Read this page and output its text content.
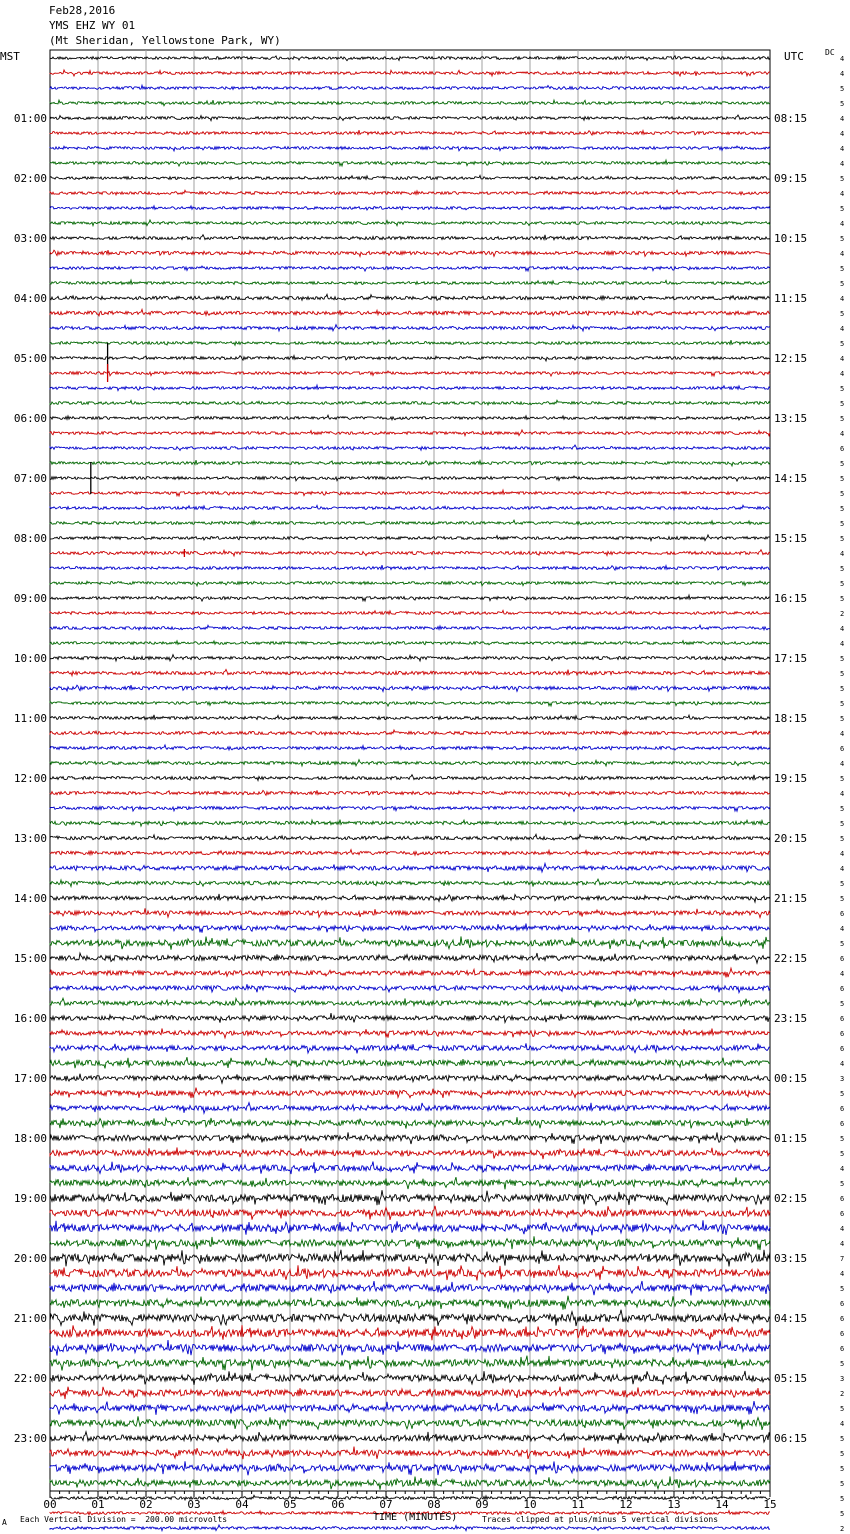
Feb28,2016
YMS EHZ WY 01
(Mt Sheridan, Yellowstone Park, WY)
MST	UTC	DC
01:00
02:00
03:00
04:00
05:00
06:00
07:00
08:00
09:00
10:00
11:00
12:00
13:00
14:00
15:00
16:00
17:00
18:00
19:00
20:00
21:00
22:00
23:00
08:15
09:15
10:15
11:15
12:15
13:15
14:15
15:15
16:15
17:15
18:15
19:15
20:15
21:15
22:15
23:15
00:15
01:15
02:15
03:15
04:15
05:15
06:15
4
4
5
5
4
4
4
4
5
4
5
4
5
4
5
5
4
5
4
5
4
4
5
5
5
4
6
5
5
5
5
5
5
4
5
5
5
2
4
4
5
5
5
5
5
4
6
4
5
4
5
5
5
4
4
5
5
6
4
5
6
4
6
5
6
6
6
4
3
5
6
6
5
5
4
5
6
6
4
4
7
4
5
6
6
6
6
5
3
2
5
4
5
5
5
5
5
5
2
00	01	02	03	04	05	06	07	08	09	10	11	12	13	14	15
TIME (MINUTES)
A Each Vertical Division =  200.00 microvolts	Traces clipped at plus/minus 5 vertical divisions
